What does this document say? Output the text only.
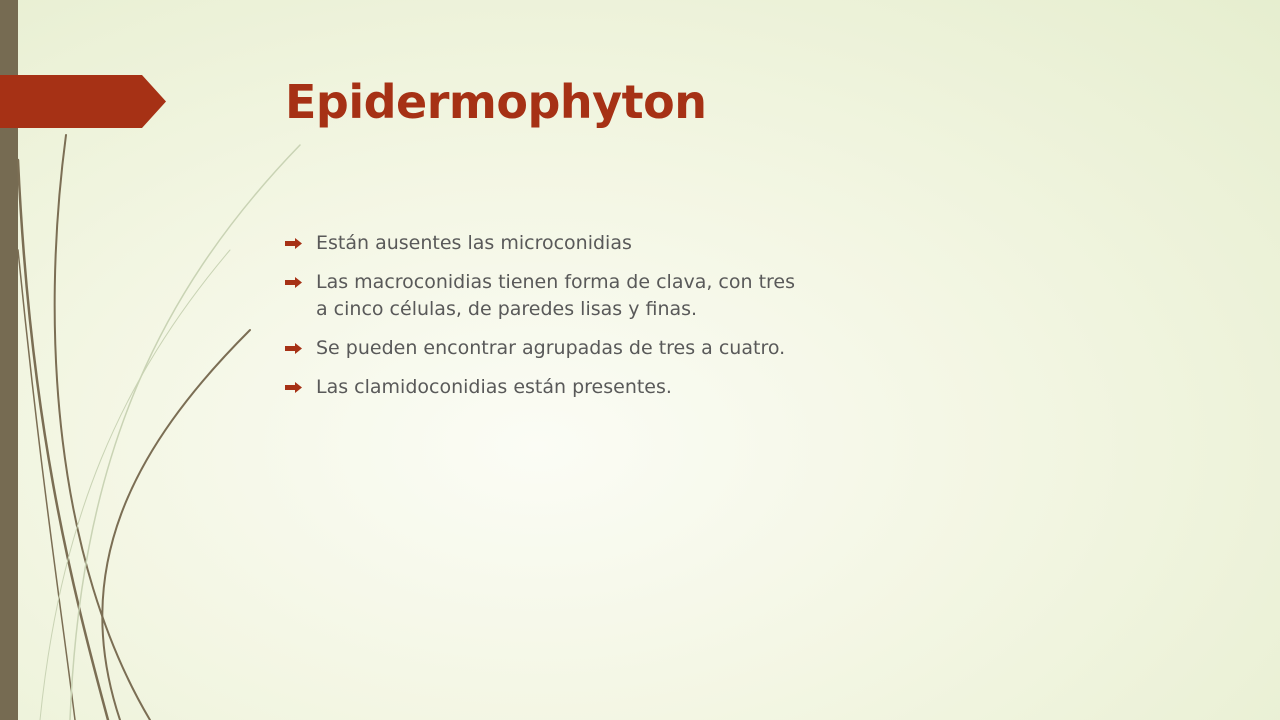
Epidermophyton
Están ausentes las microconidias
Las macroconidias tienen forma de clava, con tres a cinco células, de paredes lisas y finas.
Se pueden encontrar agrupadas de tres a cuatro.
Las clamidoconidias están presentes.
